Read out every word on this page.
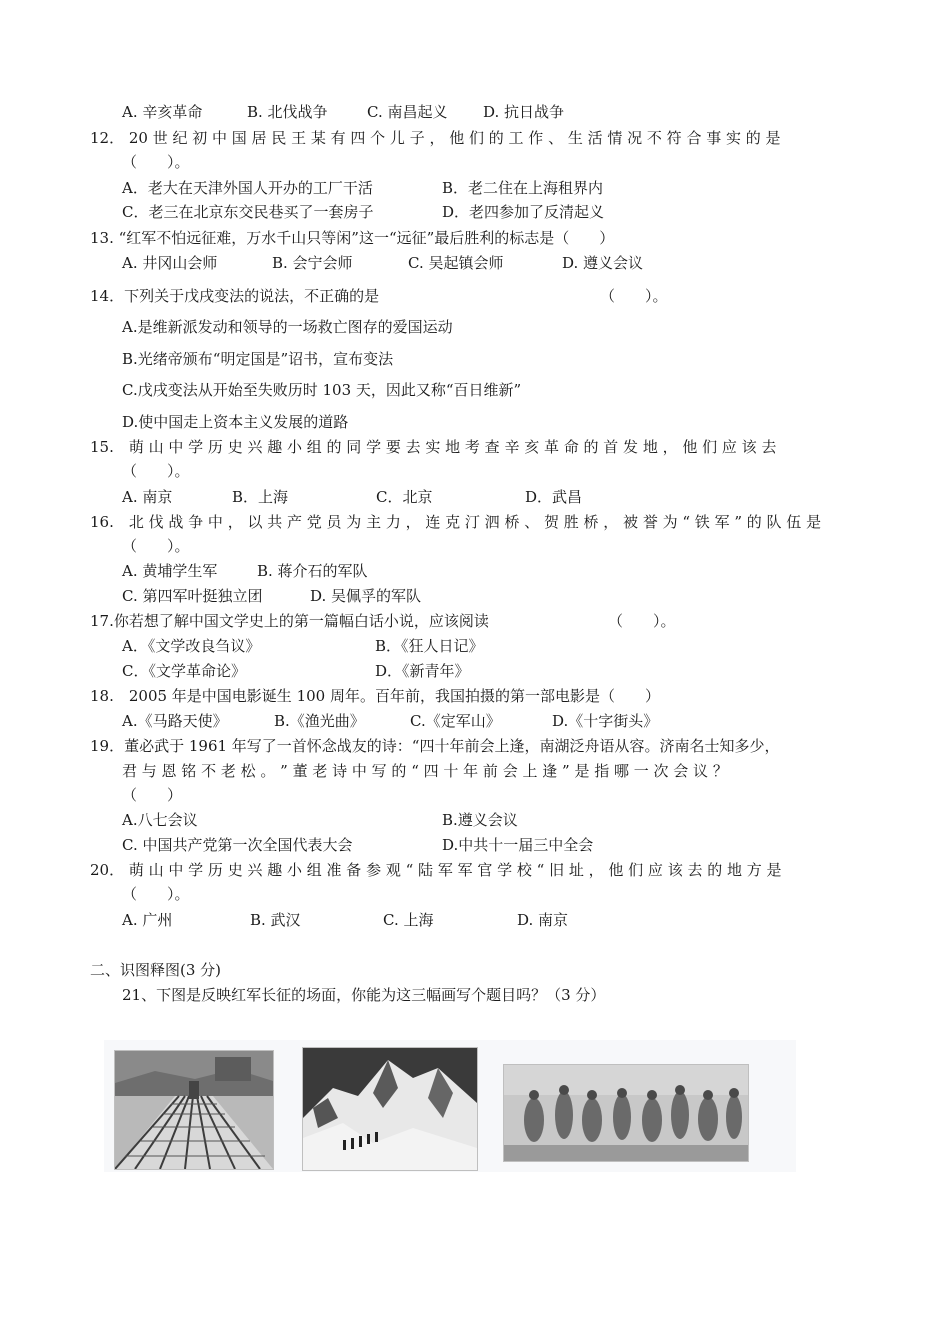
A. 辛亥革命	B. 北伐战争	C. 南昌起义 D. 抗日战争
12． 20 世 纪 初 中 国 居 民 王 某 有 四 个 儿 子 ， 他 们 的 工 作 、 生 活 情 况 不 符 合 事 实 的 是
（　　）。
A．老大在天津外国人开办的工厂干活	B．老二住在上海租界内
C．老三在北京东交民巷买了一套房子	D．老四参加了反清起义
13. “红军不怕远征难，万水千山只等闲”这一“远征”最后胜利的标志是（　　）
A. 井冈山会师	B. 会宁会师	C. 吴起镇会师	D. 遵义会议
14．下列关于戊戌变法的说法，不正确的是	（　　）。
A.是维新派发动和领导的一场救亡图存的爱国运动
B.光绪帝颁布“明定国是”诏书，宣布变法
C.戊戌变法从开始至失败历时 103 天，因此又称“百日维新”
D.使中国走上资本主义发展的道路
15.　萌 山 中 学 历 史 兴 趣 小 组 的 同 学 要 去 实 地 考 查 辛 亥 革 命 的 首 发 地 ， 他 们 应 该 去
（　　）。
A. 南京	B．上海	C．北京	D．武昌
16.　北 伐 战 争 中 ， 以 共 产 党 员 为 主 力 ， 连 克 汀 泗 桥 、 贺 胜 桥 ， 被 誉 为 “ 铁 军 ” 的 队 伍 是
（　　）。
A. 黄埔学生军	B. 蒋介石的军队
C. 第四军叶挺独立团	D. 吴佩孚的军队
17.你若想了解中国文学史上的第一篇幅白话小说，应该阅读	（　　）。
A．《文学改良刍议》	B．《狂人日记》
C．《文学革命论》	D．《新青年》
18.　2005 年是中国电影诞生 100 周年。百年前，我国拍摄的第一部电影是（　　）
A.《马路天使》	B.《渔光曲》	C.《定军山》	D.《十字街头》
19．董必武于 1961 年写了一首怀念战友的诗：“四十年前会上逢，南湖泛舟语从容。济南名士知多少，
君 与 恩 铭 不 老 松 。 ” 董 老 诗 中 写 的 “ 四 十 年 前 会 上 逢 ” 是 指 哪 一 次 会 议 ？
（　　）
A.八七会议	B.遵义会议
C. 中国共产党第一次全国代表大会	D.中共十一届三中全会
20． 萌 山 中 学 历 史 兴 趣 小 组 准 备 参 观 “ 陆 军 军 官 学 校 “ 旧 址 ， 他 们 应 该 去 的 地 方 是
（　　）。
A. 广州	B. 武汉	C. 上海	D. 南京
二、识图释图(3 分)
21、下图是反映红军长征的场面，你能为这三幅画写个题目吗？（3 分）
